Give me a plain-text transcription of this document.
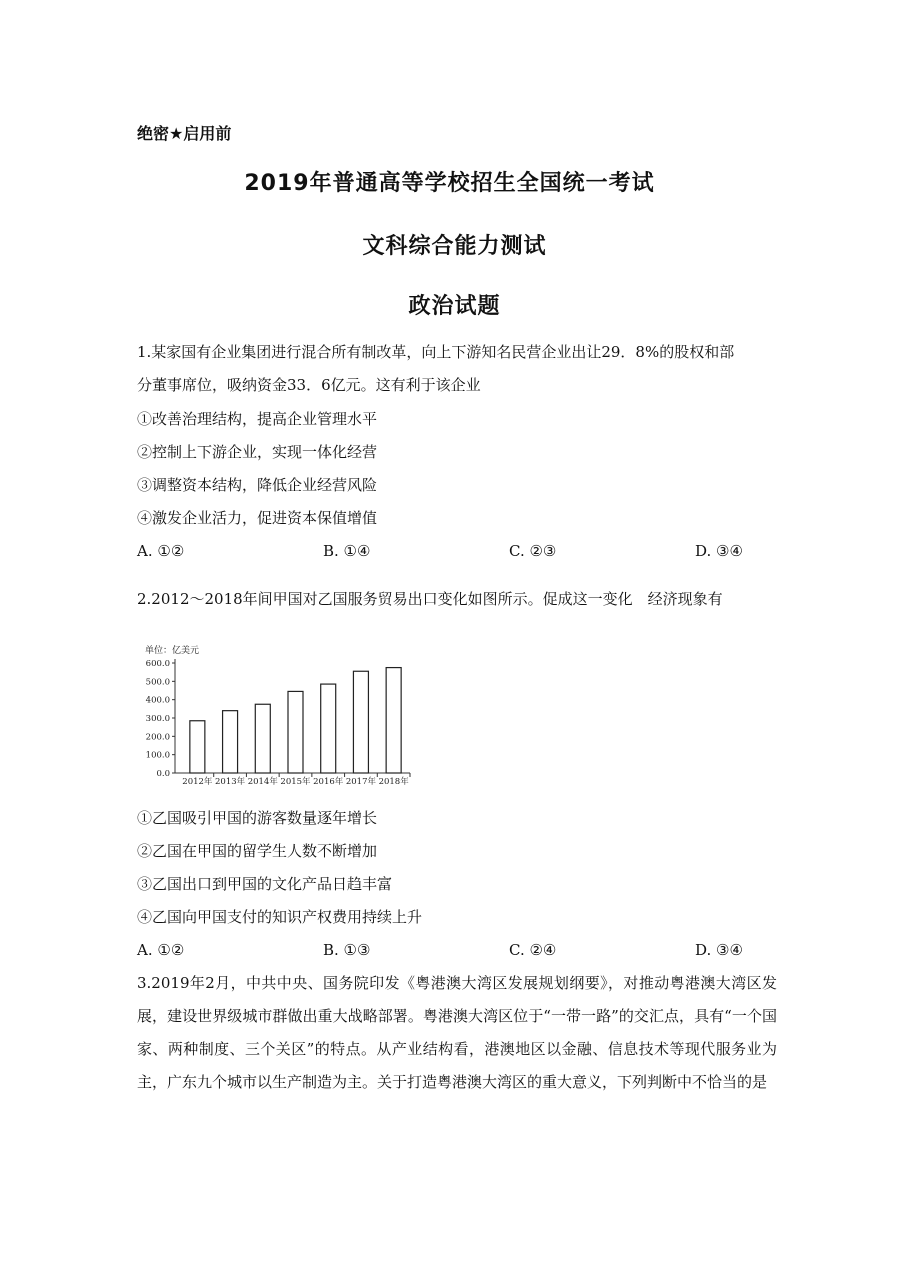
绝密★启用前
2019年普通高等学校招生全国统一考试
文科综合能力测试
政治试题
1.某家国有企业集团进行混合所有制改革，向上下游知名民营企业出让29．8%的股权和部
分董事席位，吸纳资金33．6亿元。这有利于该企业
①改善治理结构，提高企业管理水平
②控制上下游企业，实现一体化经营
③调整资本结构，降低企业经营风险
④激发企业活力，促进资本保值增值
A. ①②	B. ①④	C. ②③	D. ③④
2.2012～2018年间甲国对乙国服务贸易出口变化如图所示。促成这一变化　经济现象有
单位：亿美元
0.0
100.0
200.0
300.0
400.0
500.0
600.0
2012年 2013年 2014年 2015年 2016年 2017年 2018年
①乙国吸引甲国的游客数量逐年增长
②乙国在甲国的留学生人数不断增加
③乙国出口到甲国的文化产品日趋丰富
④乙国向甲国支付的知识产权费用持续上升
A. ①②	B. ①③	C. ②④	D. ③④
3.2019年2月，中共中央、国务院印发《粤港澳大湾区发展规划纲要》，对推动粤港澳大湾区发展，建设世界级城市群做出重大战略部署。粤港澳大湾区位于“一带一路”的交汇点，具有“一个国家、两种制度、三个关区”的特点。从产业结构看，港澳地区以金融、信息技术等现代服务业为主，广东九个城市以生产制造为主。关于打造粤港澳大湾区的重大意义，下列判断中不恰当的是
